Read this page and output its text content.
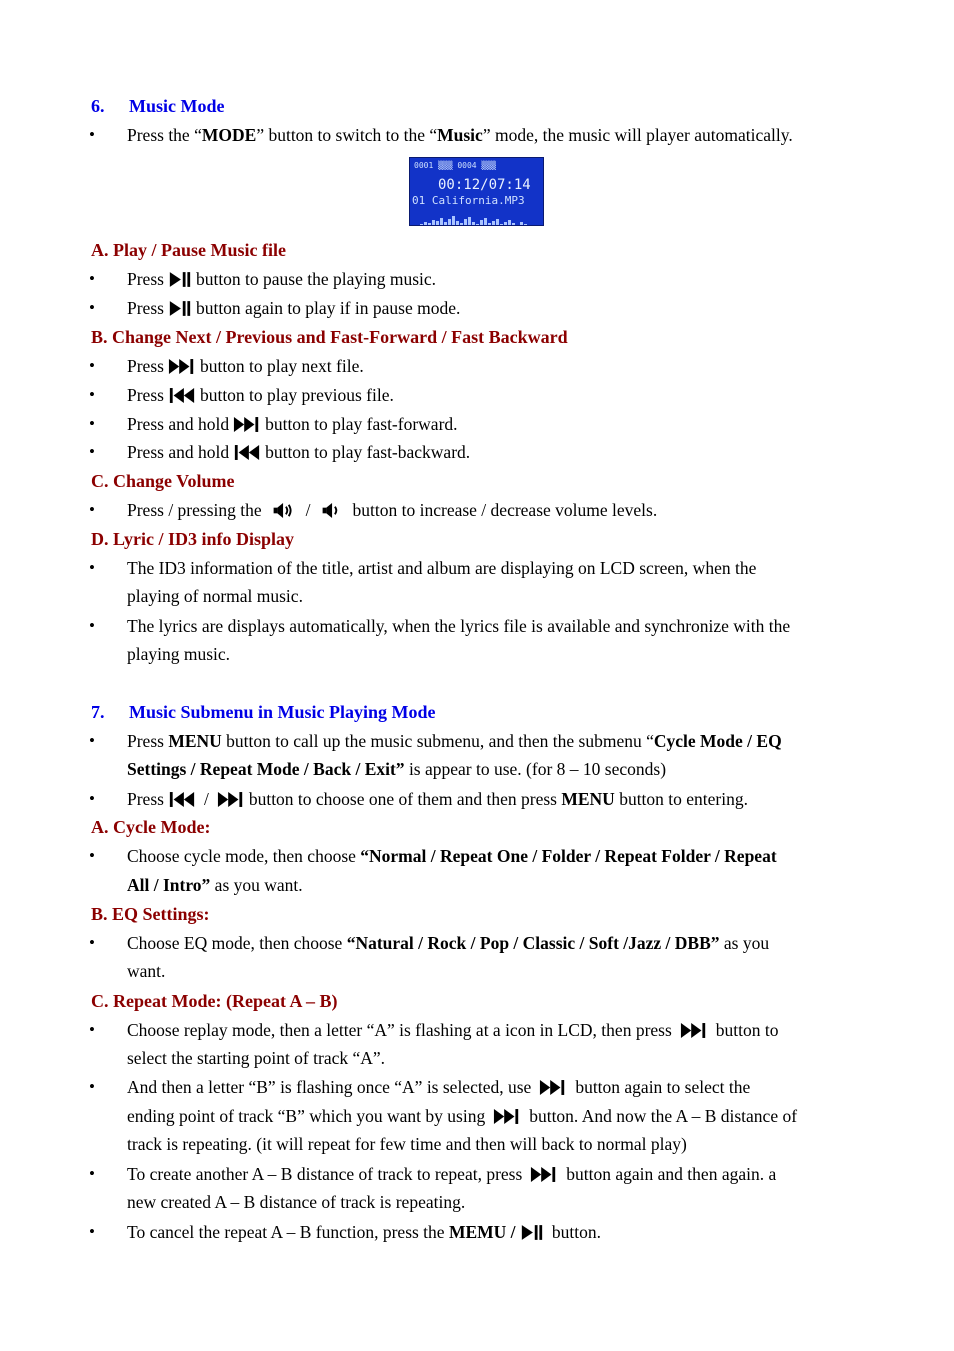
6. Music Mode
• Press the “MODE” button to switch to the “Music” mode, the music will player automatically.
0001 ▒▒▒ 0004 ▒▒▒
00:12/07:14
01 California.MP3
A. Play / Pause Music file
• Press button to pause the playing music.
• Press button again to play if in pause mode.
B. Change Next / Previous and Fast-Forward / Fast Backward
• Press button to play next file.
• Press button to play previous file.
• Press and hold button to play fast-forward.
• Press and hold button to play fast-backward.
C. Change Volume
• Press / pressing the	/ button to increase / decrease volume levels.
D. Lyric / ID3 info Display
• The ID3 information of the title, artist and album are displaying on LCD screen, when the
playing of normal music.
• The lyrics are displays automatically, when the lyrics file is available and synchronize with the
playing music.
7. Music Submenu in Music Playing Mode
• Press MENU button to call up the music submenu, and then the submenu “Cycle Mode / EQ
Settings / Repeat Mode / Back / Exit” is appear to use. (for 8 – 10 seconds)
• Press / button to choose one of them and then press MENU button to entering.
A. Cycle Mode:
• Choose cycle mode, then choose “Normal / Repeat One / Folder / Repeat Folder / Repeat
All / Intro” as you want.
B. EQ Settings:
• Choose EQ mode, then choose “Natural / Rock / Pop / Classic / Soft /Jazz / DBB” as you
want.
C. Repeat Mode: (Repeat A – B)
• Choose replay mode, then a letter “A” is flashing at a icon in LCD, then press	button to
select the starting point of track “A”.
• And then a letter “B” is flashing once “A” is selected, use	button again to select the
ending point of track “B” which you want by using	button. And now the A – B distance of
track is repeating. (it will repeat for few time and then will back to normal play)
• To create another A – B distance of track to repeat, press	button again and then again. a
new created A – B distance of track is repeating.
• To cancel the repeat A – B function, press the MEMU /
button.
